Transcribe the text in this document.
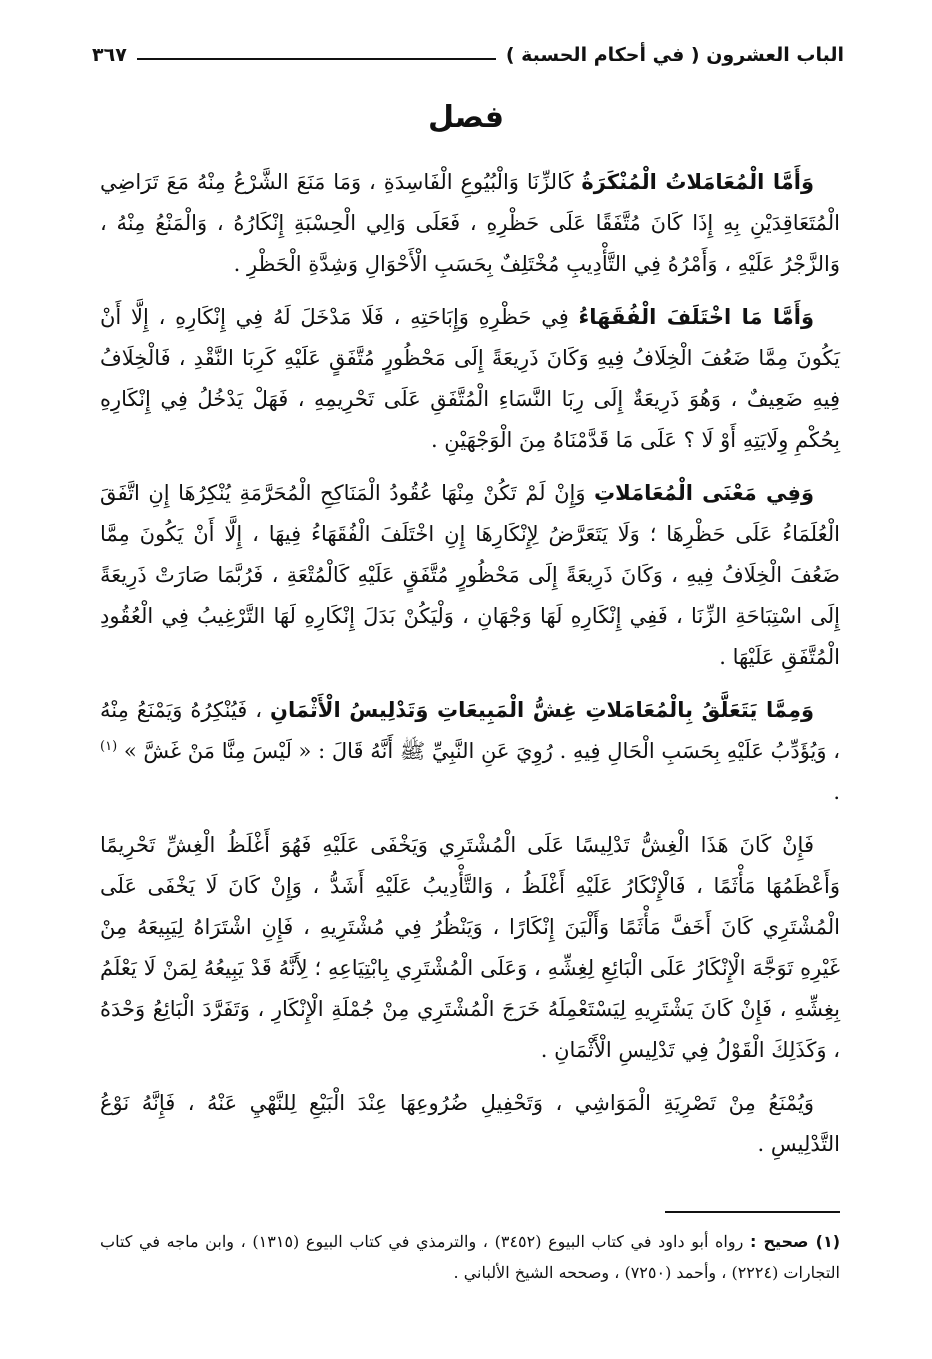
الباب العشرون ( في أحكام الحسبة )
٣٦٧
فصل

وَأَمَّا الْمُعَامَلاتُ الْمُنْكَرَةُ كَالزِّنَا وَالْبُيُوعِ الْفَاسِدَةِ ، وَمَا مَنَعَ الشَّرْعُ مِنْهُ مَعَ تَرَاضِي الْمُتَعَاقِدَيْنِ بِهِ إِذَا كَانَ مُتَّفَقًا عَلَى حَظْرِهِ ، فَعَلَى وَالِي الْحِسْبَةِ إِنْكَارُهُ ، وَالْمَنْعُ مِنْهُ ، وَالزَّجْرُ عَلَيْهِ ، وَأَمْرُهُ فِي التَّأْدِيبِ مُخْتَلِفٌ بِحَسَبِ الْأَحْوَالِ وَشِدَّةِ الْحَظْرِ .

وَأَمَّا مَا اخْتَلَفَ الْفُقَهَاءُ فِي حَظْرِهِ وَإِبَاحَتِهِ ، فَلَا مَدْخَلَ لَهُ فِي إِنْكَارِهِ ، إِلَّا أَنْ يَكُونَ مِمَّا ضَعُفَ الْخِلَافُ فِيهِ وَكَانَ ذَرِيعَةً إِلَى مَحْظُورٍ مُتَّفَقٍ عَلَيْهِ كَرِبَا النَّقْدِ ، فَالْخِلَافُ فِيهِ ضَعِيفٌ ، وَهُوَ ذَرِيعَةٌ إِلَى رِبَا النَّسَاءِ الْمُتَّفَقِ عَلَى تَحْرِيمِهِ ، فَهَلْ يَدْخُلُ فِي إِنْكَارِهِ بِحُكْمِ وِلَايَتِهِ أَوْ لَا ؟ عَلَى مَا قَدَّمْنَاهُ مِنَ الْوَجْهَيْنِ .

وَفِي مَعْنَى الْمُعَامَلاتِ وَإِنْ لَمْ تَكُنْ مِنْهَا عُقُودُ الْمَنَاكِحِ الْمُحَرَّمَةِ يُنْكِرُهَا إِنِ اتَّفَقَ الْعُلَمَاءُ عَلَى حَظْرِهَا ؛ وَلَا يَتَعَرَّضُ لِإِنْكَارِهَا إِنِ اخْتَلَفَ الْفُقَهَاءُ فِيهَا ، إِلَّا أَنْ يَكُونَ مِمَّا ضَعُفَ الْخِلَافُ فِيهِ ، وَكَانَ ذَرِيعَةً إِلَى مَحْظُورٍ مُتَّفَقٍ عَلَيْهِ كَالْمُتْعَةِ ، فَرُبَّمَا صَارَتْ ذَرِيعَةً إِلَى اسْتِبَاحَةِ الزِّنَا ، فَفِي إِنْكَارِهِ لَهَا وَجْهَانِ ، وَلْيَكُنْ بَدَلَ إِنْكَارِهِ لَهَا التَّرْغِيبُ فِي الْعُقُودِ الْمُتَّفَقِ عَلَيْهَا .

وَمِمَّا يَتَعَلَّقُ بِالْمُعَامَلاتِ غِشُّ الْمَبِيعَاتِ وَتَدْلِيسُ الْأَثْمَانِ ، فَيُنْكِرُهُ وَيَمْنَعُ مِنْهُ ، وَيُؤَدِّبُ عَلَيْهِ بِحَسَبِ الْحَالِ فِيهِ . رُوِيَ عَنِ النَّبِيِّ ﷺ أَنَّهُ قَالَ : « لَيْسَ مِنَّا مَنْ غَشَّ » $^{(١)}$ .

فَإِنْ كَانَ هَذَا الْغِشُّ تَدْلِيسًا عَلَى الْمُشْتَرِي وَيَخْفَى عَلَيْهِ فَهُوَ أَغْلَظُ الْغِشِّ تَحْرِيمًا وَأَعْظَمُهَا مَأْثَمًا ، فَالْإِنْكَارُ عَلَيْهِ أَغْلَظُ ، وَالتَّأْدِيبُ عَلَيْهِ أَشَدُّ ، وَإِنْ كَانَ لَا يَخْفَى عَلَى الْمُشْتَرِي كَانَ أَخَفَّ مَأْثَمًا وَأَلْيَنَ إِنْكَارًا ، وَيَنْظُرُ فِي مُشْتَرِيهِ ، فَإِنِ اشْتَرَاهُ لِيَبِيعَهُ مِنْ غَيْرِهِ تَوَجَّهَ الْإِنْكَارُ عَلَى الْبَائِعِ لِغِشِّهِ ، وَعَلَى الْمُشْتَرِي بِابْتِيَاعِهِ ؛ لِأَنَّهُ قَدْ يَبِيعُهُ لِمَنْ لَا يَعْلَمُ بِغِشِّهِ ، فَإِنْ كَانَ يَشْتَرِيهِ لِيَسْتَعْمِلَهُ خَرَجَ الْمُشْتَرِي مِنْ جُمْلَةِ الْإِنْكَارِ ، وَتَفَرَّدَ الْبَائِعُ وَحْدَهُ ، وَكَذَلِكَ الْقَوْلُ فِي تَدْلِيسِ الْأَثْمَانِ .

وَيُمْنَعُ مِنْ تَصْرِيَةِ الْمَوَاشِي ، وَتَحْفِيلِ ضُرُوعِهَا عِنْدَ الْبَيْعِ لِلنَّهْيِ عَنْهُ ، فَإِنَّهُ نَوْعُ التَّدْلِيسِ .

(١) صحيح : رواه أبو داود في كتاب البيوع (٣٤٥٢) ، والترمذي في كتاب البيوع (١٣١٥) ، وابن ماجه في كتاب التجارات (٢٢٢٤) ، وأحمد (٧٢٥٠) ، وصححه الشيخ الألباني .
